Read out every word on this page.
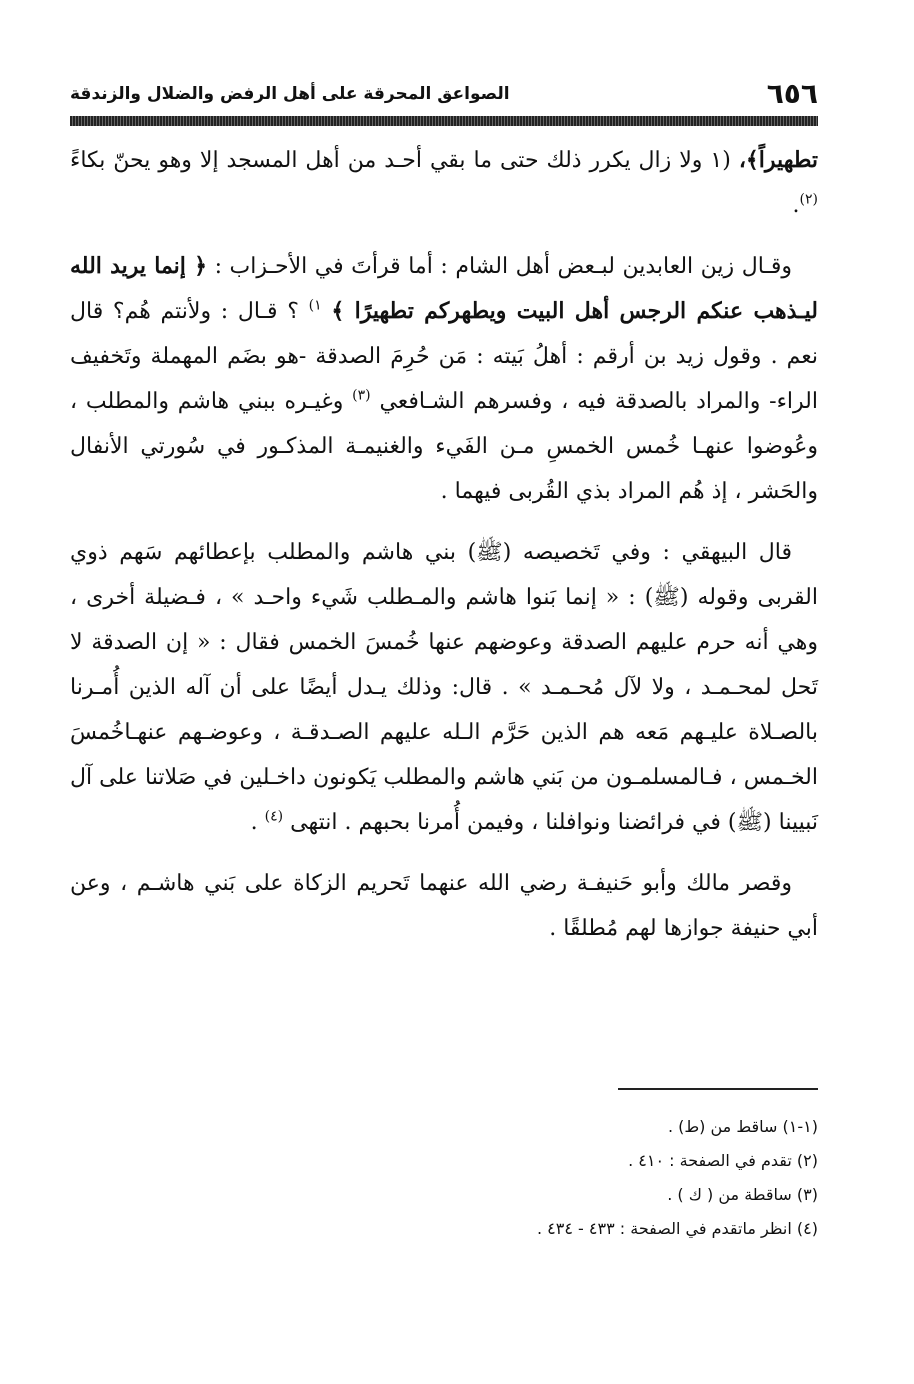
٦٥٦
الصواعق المحرقة على أهل الرفض والضلال والزندقة

تطهيراً﴾، (١ ولا زال يكرر ذلك حتى ما بقي أحـد من أهل المسجد إلا وهو يحنّ بكاءً $^{(٢)}$.

وقـال زين العابدين لبـعض أهل الشام : أما قرأتَ في الأحـزاب : ﴿ إنما يريد الله ليـذهب عنكم الرجس أهل البيت ويطهركم تطهيرًا ﴾ $^{١)}$ ؟ قـال : ولأنتم هُم؟ قال نعم . وقول زيد بن أرقم : أهلُ بَيته : مَن حُرِمَ الصدقة -هو بضَم المهملة وتَخفيف الراء- والمراد بالصدقة فيه ، وفسرهم الشـافعي $^{(٣)}$ وغيـره ببني هاشم والمطلب ، وعُوضوا عنهـا خُمس الخمسِ مـن الفَيء والغنيمـة المذكـور في سُورتي الأنفال والحَشر ، إذ هُم المراد بذي القُربى فيهما .

قال البيهقي : وفي تَخصيصه (ﷺ) بني هاشم والمطلب بإعطائهم سَهم ذوي القربى وقوله (ﷺ) : « إنما بَنوا هاشم والمـطلب شَيء واحـد » ، فـضيلة أخرى ، وهي أنه حرم عليهم الصدقة وعوضهم عنها خُمسَ الخمس فقال : « إن الصدقة لا تَحل لمحـمـد ، ولا لآل مُحـمـد » . قال: وذلك يـدل أيضًا على أن آله الذين أُمـرنا بالصـلاة عليـهم مَعه هم الذين حَرَّم الـله عليهم الصـدقـة ، وعوضـهم عنهـاخُمسَ الخـمس ، فـالمسلمـون من بَني هاشم والمطلب يَكونون داخـلين في صَلاتنا على آل نَبيينا (ﷺ) في فرائضنا ونوافلنا ، وفيمن أُمرنا بحبهم . انتهى $^{(٤)}$ .

وقصر مالك وأبو حَنيفـة رضي الله عنهما تَحريم الزكاة على بَني هاشـم ، وعن أبي حنيفة جوازها لهم مُطلقًا .

(١-١) ساقط من (ط) .
(٢) تقدم في الصفحة : ٤١٠ .
(٣) ساقطة من ( ك ) .
(٤) انظر ماتقدم في الصفحة : ٤٣٣ - ٤٣٤ .
